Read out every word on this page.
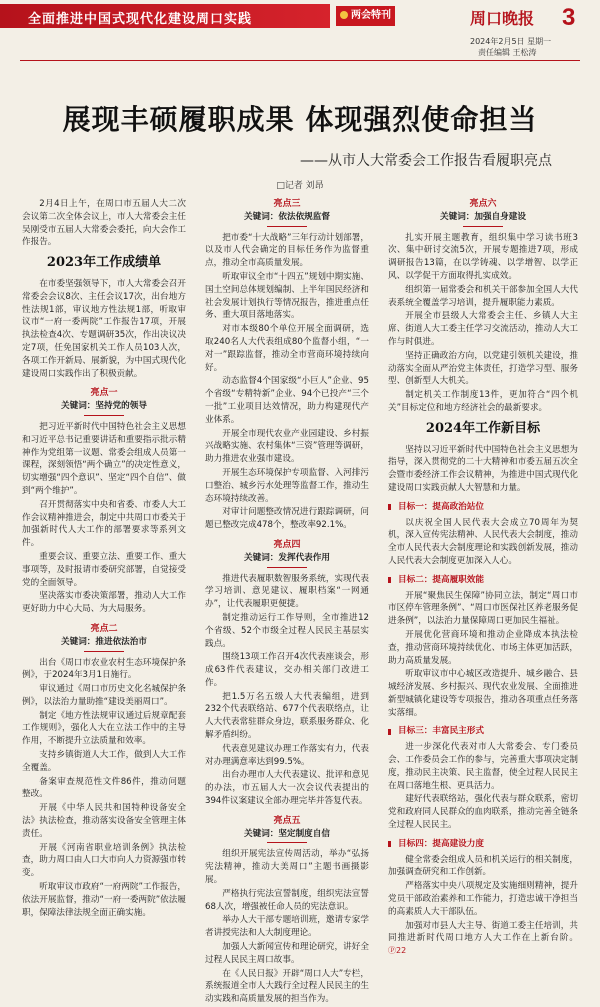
全面推进中国式现代化建设周口实践	两会特刊	周口晚报 3
2024年2月5日 星期一
责任编辑 王松涛
展现丰硕履职成果 体现强烈使命担当
——从市人大常委会工作报告看履职亮点
□记者 刘昂

2月4日上午，在周口市五届人大二次会议第二次全体会议上，市人大常委会主任吴刚受市五届人大常委会委托，向大会作工作报告。

2023年工作成绩单

在市委坚强领导下，市人大常委会召开常委会会议8次、主任会议17次，出台地方性法规1部，审议地方性法规1部，听取审议市“一府一委两院”工作报告17项，开展执法检查4次、专题调研35次，作出决议决定7项，任免国家机关工作人员103人次，各项工作开新局、展新貌，为中国式现代化建设周口实践作出了积极贡献。

亮点一
关键词：坚持党的领导

把习近平新时代中国特色社会主义思想和习近平总书记重要讲话和重要指示批示精神作为党组第一议题、常委会组成人员第一课程，深刻领悟“两个确立”的决定性意义，切实增强“四个意识”、坚定“四个自信”、做到“两个维护”。

召开贯彻落实中央和省委、市委人大工作会议精神推进会，制定中共周口市委关于加强新时代人大工作的部署要求等系列文件。

重要会议、重要立法、重要工作、重大事项等，及时报请市委研究部署，自觉接受党的全面领导。

坚决落实市委决策部署，推动人大工作更好助力中心大局、为大局服务。

亮点二
关键词：推进依法治市

出台《周口市农业农村生态环境保护条例》，于2024年3月1日施行。

审议通过《周口市历史文化名城保护条例》，以法治力量助推“建设美丽周口”。

制定《地方性法规审议通过后规章配套工作规则》，强化人大在立法工作中的主导作用，不断提升立法质量和效率。

支持乡镇街道人大工作，做到人大工作全覆盖。

备案审查规范性文件86件，推动问题整改。

开展《中华人民共和国特种设备安全法》执法检查，推动落实设备安全管理主体责任。

开展《河南省职业培训条例》执法检查，助力周口由人口大市向人力资源强市转变。

听取审议市政府“一府两院”工作报告，依法开展监督，推动“一府一委两院”依法履职，保障法律法规全面正确实施。

亮点三
关键词：依法依规监督

把市委“十大战略”三年行动计划部署，以及市人代会确定的目标任务作为监督重点，推动全市高质量发展。

听取审议全市“十四五”规划中期实施、国土空间总体规划编制、上半年国民经济和社会发展计划执行等情况报告，推进重点任务、重大项目落地落实。

对市本级80个单位开展全面调研，选取240名人大代表组成80个监督小组，“一对一”跟踪监督，推动全市营商环境持续向好。

动态监督4个国家级“小巨人”企业、95个省级“专精特新”企业、94个已投产“三个一批”工业项目达效情况，助力构建现代产业体系。

开展全市现代农业产业园建设、乡村振兴战略实施、农村集体“三资”管理等调研，助力推进农业强市建设。

开展生态环境保护专项监督、入河排污口整治、城乡污水处理等监督工作，推动生态环境持续改善。

对审计问题整改情况进行跟踪调研，问题已整改完成478个，整改率92.1%。

亮点四
关键词：发挥代表作用

推进代表履职数智服务系统，实现代表学习培训、意见建议、履职档案“一网通办”，让代表履职更便捷。

制定推动运行工作导则，全市推进12个省级、52个市级全过程人民民主基层实践点。

围绕13项工作召开4次代表座谈会，形成63件代表建议，交办相关部门改进工作。

把1.5万名五级人大代表编组，进到232个代表联络站、677个代表联络点，让人大代表常驻群众身边，联系服务群众、化解矛盾纠纷。

代表意见建议办理工作落实有力，代表对办理满意率达到99.5%。

出台办理市人大代表建议、批评和意见的办法，市五届人大一次会议代表提出的394件议案建议全部办理完毕并答复代表。

亮点五
关键词：坚定制度自信

组织开展宪法宣传周活动，举办“弘扬宪法精神，推动大美周口”主题书画摄影展。

严格执行宪法宣誓制度，组织宪法宣誓68人次，增强被任命人员的宪法意识。

举办人大干部专题培训班，邀请专家学者讲授宪法和人大制度理论。

加强人大新闻宣传和理论研究，讲好全过程人民民主周口故事。

在《人民日报》开辟“周口人大”专栏，系统报道全市人大践行全过程人民民主的生动实践和高质量发展的担当作为。

亮点六
关键词：加强自身建设

扎实开展主题教育，组织集中学习读书班3次、集中研讨交流5次，开展专题推进7项，形成调研报告13篇，在以学铸魂、以学增智、以学正风、以学促干方面取得扎实成效。

组织第一届常委会和机关干部参加全国人大代表系统全覆盖学习培训，提升履职能力素质。

开展全市县级人大常委会主任、乡镇人大主席、街道人大工委主任学习交流活动，推动人大工作与时俱进。

坚持正确政治方向，以党建引领机关建设，推动落实全面从严治党主体责任，打造学习型、服务型、创新型人大机关。

制定机关工作制度13件，更加符合“四个机关”目标定位和地方经济社会的最新要求。

2024年工作新目标

坚持以习近平新时代中国特色社会主义思想为指导，深入贯彻党的二十大精神和市委五届五次全会暨市委经济工作会议精神，为推进中国式现代化建设周口实践贡献人大智慧和力量。

目标一：提高政治站位

以庆祝全国人民代表大会成立70周年为契机，深入宣传宪法精神、人民代表大会制度，推动全市人民代表大会制度理论和实践创新发展，推动人民代表大会制度更加深入人心。

目标二：提高履职效能

开展“聚焦民生保障”协同立法，制定“周口市市区停车管理条例”、“周口市医保社区养老服务促进条例”，以法治力量保障周口更加民生福祉。

开展优化营商环境和推动企业降成本执法检查，推动营商环境持续优化、市场主体更加活跃，助力高质量发展。

听取审议市中心城区改造提升、城乡融合、县城经济发展、乡村振兴、现代农业发展、全面推进新型城镇化建设等专项报告，推动各项重点任务落实落细。

目标三：丰富民主形式

进一步深化代表对市人大常委会、专门委员会、工作委员会工作的参与，完善重大事项决定制度，推动民主决策、民主监督，使全过程人民民主在周口落地生根、更具活力。

建好代表联络站，强化代表与群众联系，密切党和政府同人民群众的血肉联系，推动完善全链条全过程人民民主。

目标四：提高建设力度

健全常委会组成人员和机关运行的相关制度，加强调查研究和工作创新。

严格落实中央八项规定及实施细则精神，提升党员干部政治素养和工作能力，打造忠诚干净担当的高素质人大干部队伍。

加强对市县人大主导、街道工委主任培训，共同推进新时代周口地方人大工作在上新台阶。Ⓟ22
